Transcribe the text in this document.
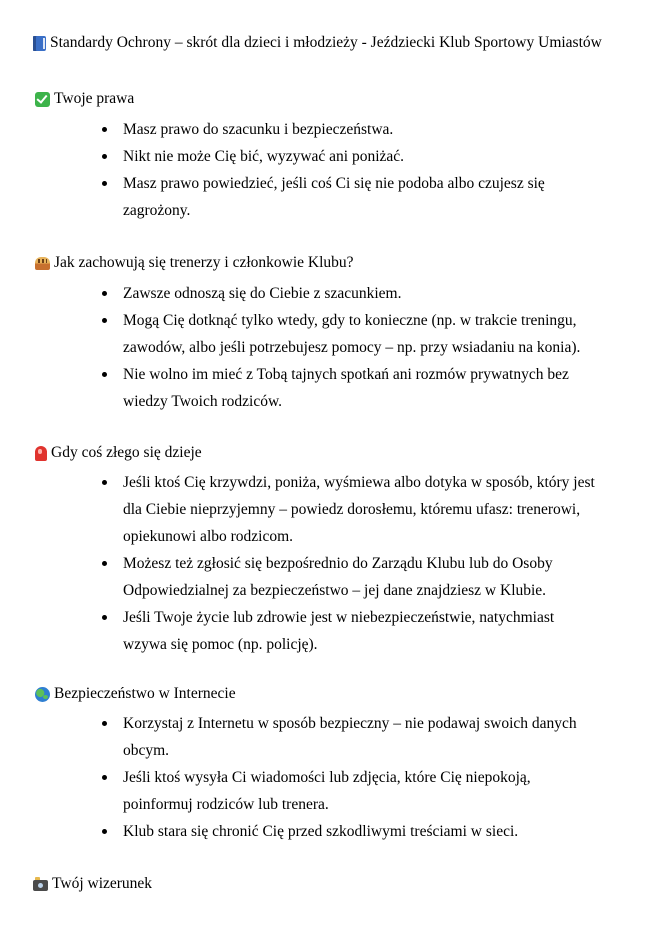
Standardy Ochrony – skrót dla dzieci i młodzieży - Jeździecki Klub Sportowy Umiastów
Twoje prawa
Masz prawo do szacunku i bezpieczeństwa.
Nikt nie może Cię bić, wyzywać ani poniżać.
Masz prawo powiedzieć, jeśli coś Ci się nie podoba albo czujesz się zagrożony.
Jak zachowują się trenerzy i członkowie Klubu?
Zawsze odnoszą się do Ciebie z szacunkiem.
Mogą Cię dotknąć tylko wtedy, gdy to konieczne (np. w trakcie treningu, zawodów, albo jeśli potrzebujesz pomocy – np. przy wsiadaniu na konia).
Nie wolno im mieć z Tobą tajnych spotkań ani rozmów prywatnych bez wiedzy Twoich rodziców.
Gdy coś złego się dzieje
Jeśli ktoś Cię krzywdzi, poniża, wyśmiewa albo dotyka w sposób, który jest dla Ciebie nieprzyjemny – powiedz dorosłemu, któremu ufasz: trenerowi, opiekunowi albo rodzicom.
Możesz też zgłosić się bezpośrednio do Zarządu Klubu lub do Osoby Odpowiedzialnej za bezpieczeństwo – jej dane znajdziesz w Klubie.
Jeśli Twoje życie lub zdrowie jest w niebezpieczeństwie, natychmiast wzywa się pomoc (np. policję).
Bezpieczeństwo w Internecie
Korzystaj z Internetu w sposób bezpieczny – nie podawaj swoich danych obcym.
Jeśli ktoś wysyła Ci wiadomości lub zdjęcia, które Cię niepokoją, poinformuj rodziców lub trenera.
Klub stara się chronić Cię przed szkodliwymi treściami w sieci.
Twój wizerunek
